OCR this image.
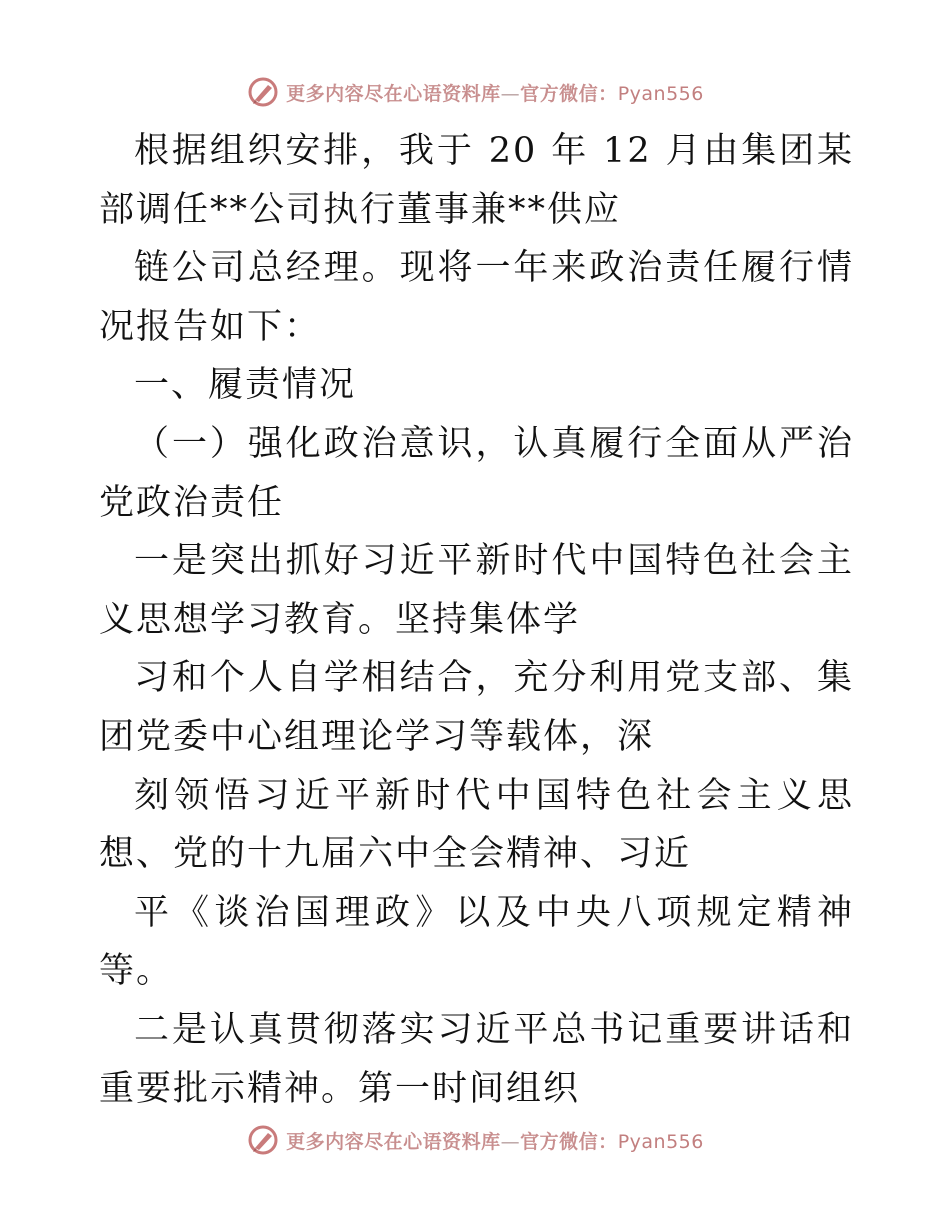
更多内容尽在心语资料库—官方微信：Pyan556

根据组织安排，我于 20 年 12 月由集团某部调任**公司执行董事兼**供应

链公司总经理。现将一年来政治责任履行情况报告如下：

一、履责情况

（一）强化政治意识，认真履行全面从严治党政治责任

一是突出抓好习近平新时代中国特色社会主义思想学习教育。坚持集体学

习和个人自学相结合，充分利用党支部、集团党委中心组理论学习等载体，深

刻领悟习近平新时代中国特色社会主义思想、党的十九届六中全会精神、习近

平《谈治国理政》以及中央八项规定精神等。

二是认真贯彻落实习近平总书记重要讲话和重要批示精神。第一时间组织

更多内容尽在心语资料库—官方微信：Pyan556
